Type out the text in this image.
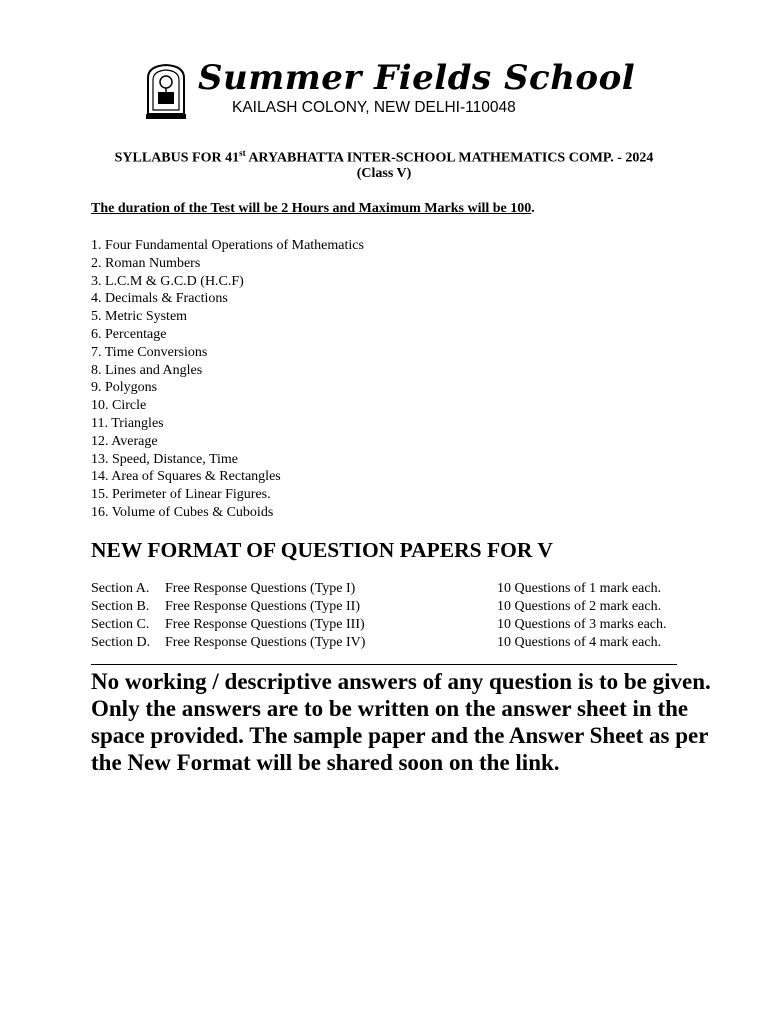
Summer Fields School
KAILASH COLONY, NEW DELHI-110048
SYLLABUS FOR 41st ARYABHATTA INTER-SCHOOL MATHEMATICS COMP. - 2024
(Class V)
The duration of the Test will be 2 Hours and Maximum Marks will be 100.
1. Four Fundamental Operations of Mathematics
2. Roman Numbers
3. L.C.M & G.C.D (H.C.F)
4. Decimals & Fractions
5. Metric System
6. Percentage
7. Time Conversions
8. Lines and Angles
9. Polygons
10. Circle
11. Triangles
12. Average
13. Speed, Distance, Time
14. Area of Squares & Rectangles
15. Perimeter of Linear Figures.
16. Volume of Cubes & Cuboids
NEW FORMAT OF QUESTION PAPERS FOR V
Section A. Free Response Questions (Type I)	10 Questions of 1 mark each.
Section B. Free Response Questions (Type II)	10 Questions of 2 mark each.
Section C. Free Response Questions (Type III)	10 Questions of 3 marks each.
Section D. Free Response Questions (Type IV)	10 Questions of 4 mark each.
No working / descriptive answers of any question is to be given. Only the answers are to be written on the answer sheet in the space provided. The sample paper and the Answer Sheet as per the New Format will be shared soon on the link.
